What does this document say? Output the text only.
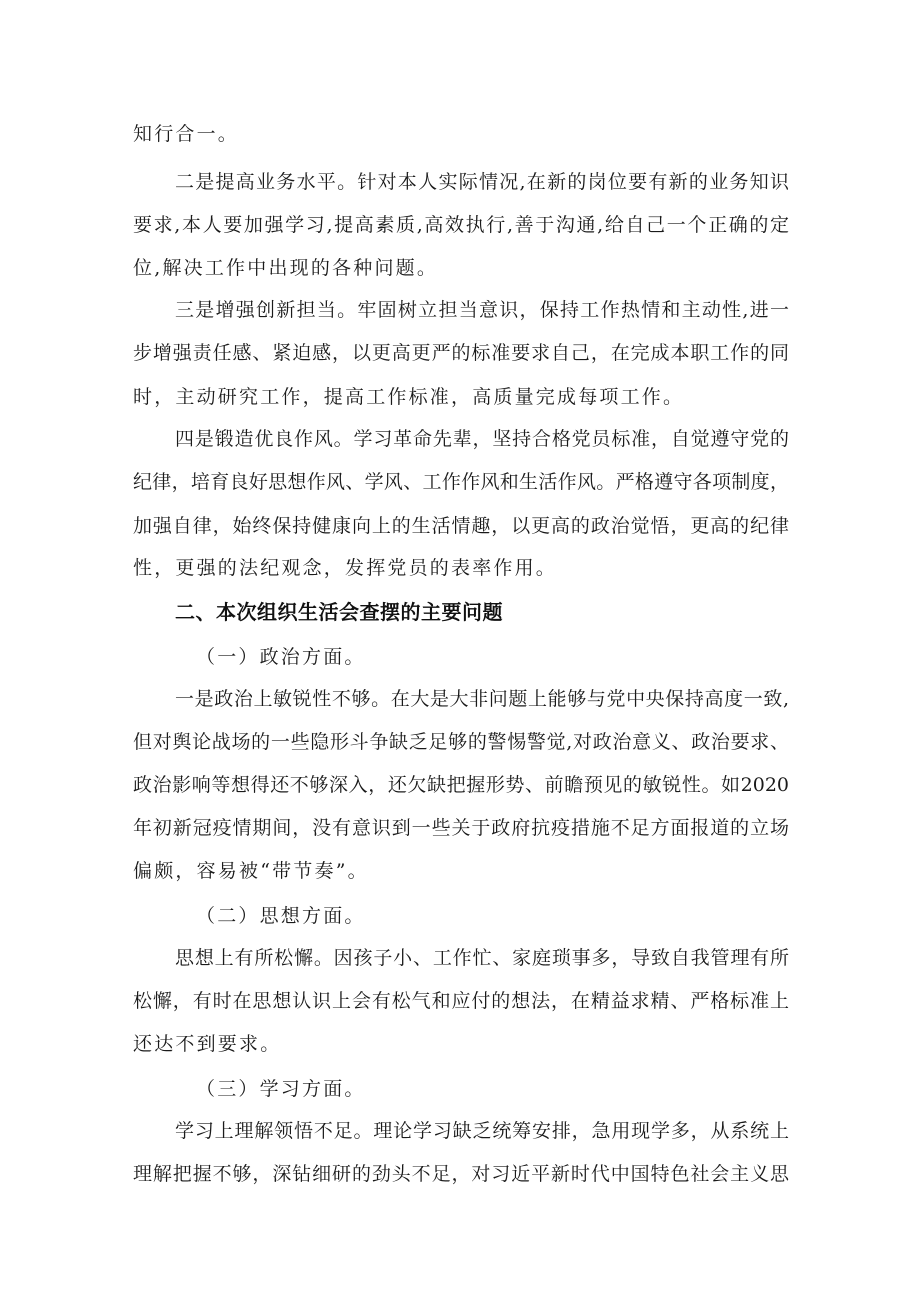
知行合一。
二是提高业务水平。针对本人实际情况,在新的岗位要有新的业务知识
要求,本人要加强学习,提高素质,高效执行,善于沟通,给自己一个正确的定
位,解决工作中出现的各种问题。
三是增强创新担当。牢固树立担当意识，保持工作热情和主动性,进一
步增强责任感、紧迫感，以更高更严的标准要求自己，在完成本职工作的同
时，主动研究工作，提高工作标准，高质量完成每项工作。
四是锻造优良作风。学习革命先辈，坚持合格党员标准，自觉遵守党的
纪律，培育良好思想作风、学风、工作作风和生活作风。严格遵守各项制度，
加强自律，始终保持健康向上的生活情趣，以更高的政治觉悟，更高的纪律
性，更强的法纪观念，发挥党员的表率作用。
二、本次组织生活会查摆的主要问题
（一）政治方面。
一是政治上敏锐性不够。在大是大非问题上能够与党中央保持高度一致,
但对舆论战场的一些隐形斗争缺乏足够的警惕警觉,对政治意义、政治要求、
政治影响等想得还不够深入，还欠缺把握形势、前瞻预见的敏锐性。如2020
年初新冠疫情期间，没有意识到一些关于政府抗疫措施不足方面报道的立场
偏颇，容易被“带节奏”。
（二）思想方面。
思想上有所松懈。因孩子小、工作忙、家庭琐事多，导致自我管理有所
松懈，有时在思想认识上会有松气和应付的想法，在精益求精、严格标准上
还达不到要求。
（三）学习方面。
学习上理解领悟不足。理论学习缺乏统筹安排，急用现学多，从系统上
理解把握不够，深钻细研的劲头不足，对习近平新时代中国特色社会主义思
